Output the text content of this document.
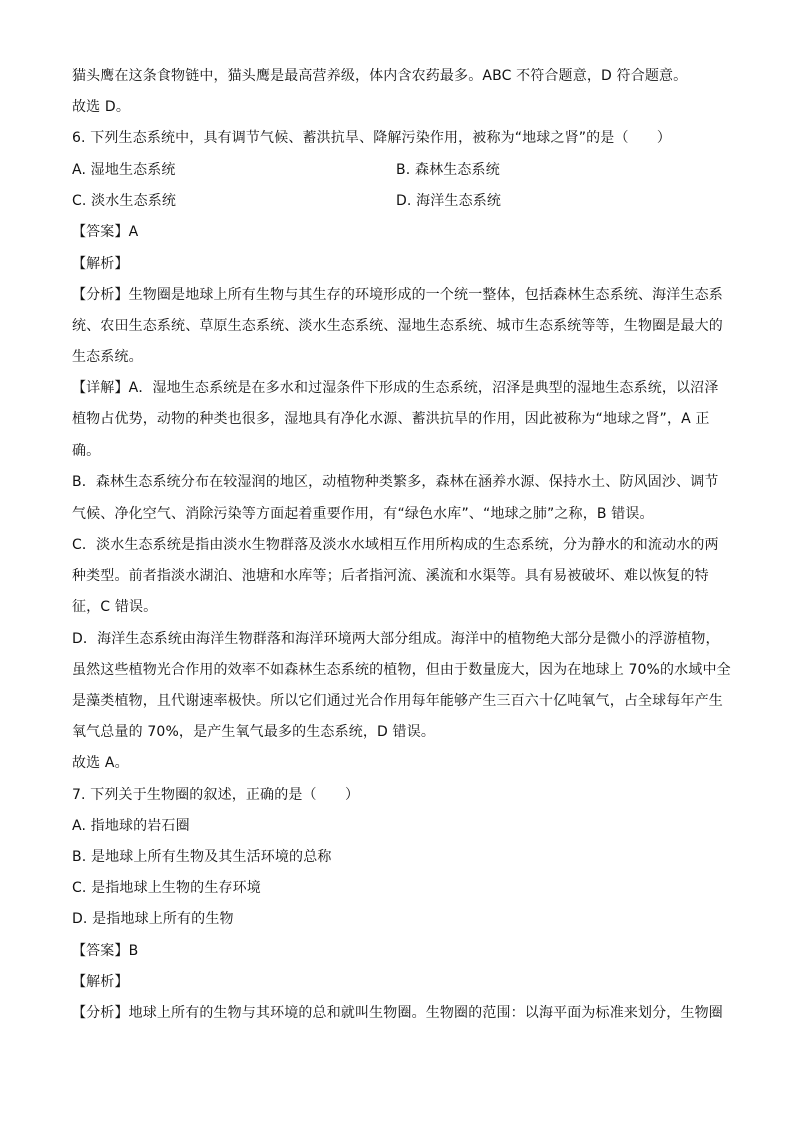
猫头鹰在这条食物链中，猫头鹰是最高营养级，体内含农药最多。ABC 不符合题意，D 符合题意。
故选 D。
6. 下列生态系统中，具有调节气候、蓄洪抗旱、降解污染作用，被称为“地球之肾”的是（　　）
A. 湿地生态系统	B. 森林生态系统
C. 淡水生态系统	D. 海洋生态系统
【答案】A
【解析】
【分析】生物圈是地球上所有生物与其生存的环境形成的一个统一整体，包括森林生态系统、海洋生态系
统、农田生态系统、草原生态系统、淡水生态系统、湿地生态系统、城市生态系统等等，生物圈是最大的
生态系统。
【详解】A．湿地生态系统是在多水和过湿条件下形成的生态系统，沼泽是典型的湿地生态系统，以沼泽
植物占优势，动物的种类也很多，湿地具有净化水源、蓄洪抗旱的作用，因此被称为“地球之肾”，A 正
确。
B．森林生态系统分布在较湿润的地区，动植物种类繁多，森林在涵养水源、保持水土、防风固沙、调节
气候、净化空气、消除污染等方面起着重要作用，有“绿色水库”、“地球之肺”之称，B 错误。
C．淡水生态系统是指由淡水生物群落及淡水水域相互作用所构成的生态系统，分为静水的和流动水的两
种类型。前者指淡水湖泊、池塘和水库等；后者指河流、溪流和水渠等。具有易被破坏、难以恢复的特
征，C 错误。
D．海洋生态系统由海洋生物群落和海洋环境两大部分组成。海洋中的植物绝大部分是微小的浮游植物，
虽然这些植物光合作用的效率不如森林生态系统的植物，但由于数量庞大，因为在地球上 70%的水域中全
是藻类植物，且代谢速率极快。所以它们通过光合作用每年能够产生三百六十亿吨氧气，占全球每年产生
氧气总量的 70%，是产生氧气最多的生态系统，D 错误。
故选 A。
7. 下列关于生物圈的叙述，正确的是（　　）
A. 指地球的岩石圈
B. 是地球上所有生物及其生活环境的总称
C. 是指地球上生物的生存环境
D. 是指地球上所有的生物
【答案】B
【解析】
【分析】地球上所有的生物与其环境的总和就叫生物圈。生物圈的范围：以海平面为标准来划分，生物圈
